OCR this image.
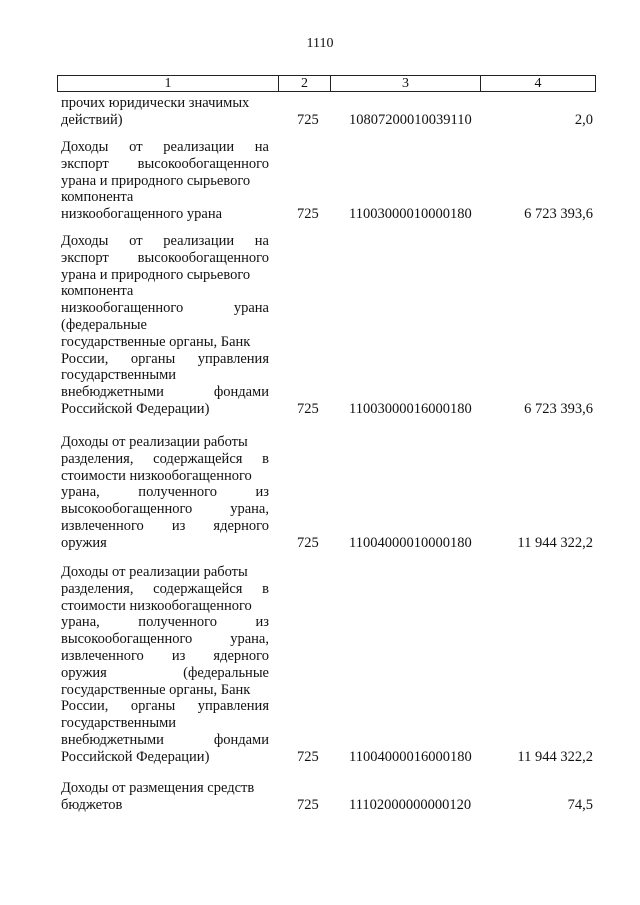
1110
1	2	3	4
прочих юридически значимых
действий)	725 10807200010039110	2,0
Доходы от реализации на
экспорт высокообогащенного
урана и природного сырьевого
компонента
низкообогащенного урана	725 11003000010000180	6 723 393,6
Доходы от реализации на
экспорт высокообогащенного
урана и природного сырьевого
компонента
низкообогащенного урана
(федеральные
государственные органы, Банк
России, органы управления
государственными
внебюджетными фондами
Российской Федерации)	725 11003000016000180	6 723 393,6
Доходы от реализации работы
разделения, содержащейся в
стоимости низкообогащенного
урана, полученного из
высокообогащенного урана,
извлеченного из ядерного
оружия	725 11004000010000180	11 944 322,2
Доходы от реализации работы
разделения, содержащейся в
стоимости низкообогащенного
урана, полученного из
высокообогащенного урана,
извлеченного из ядерного
оружия (федеральные
государственные органы, Банк
России, органы управления
государственными
внебюджетными фондами
Российской Федерации)	725 11004000016000180	11 944 322,2
Доходы от размещения средств
бюджетов	725 11102000000000120	74,5
